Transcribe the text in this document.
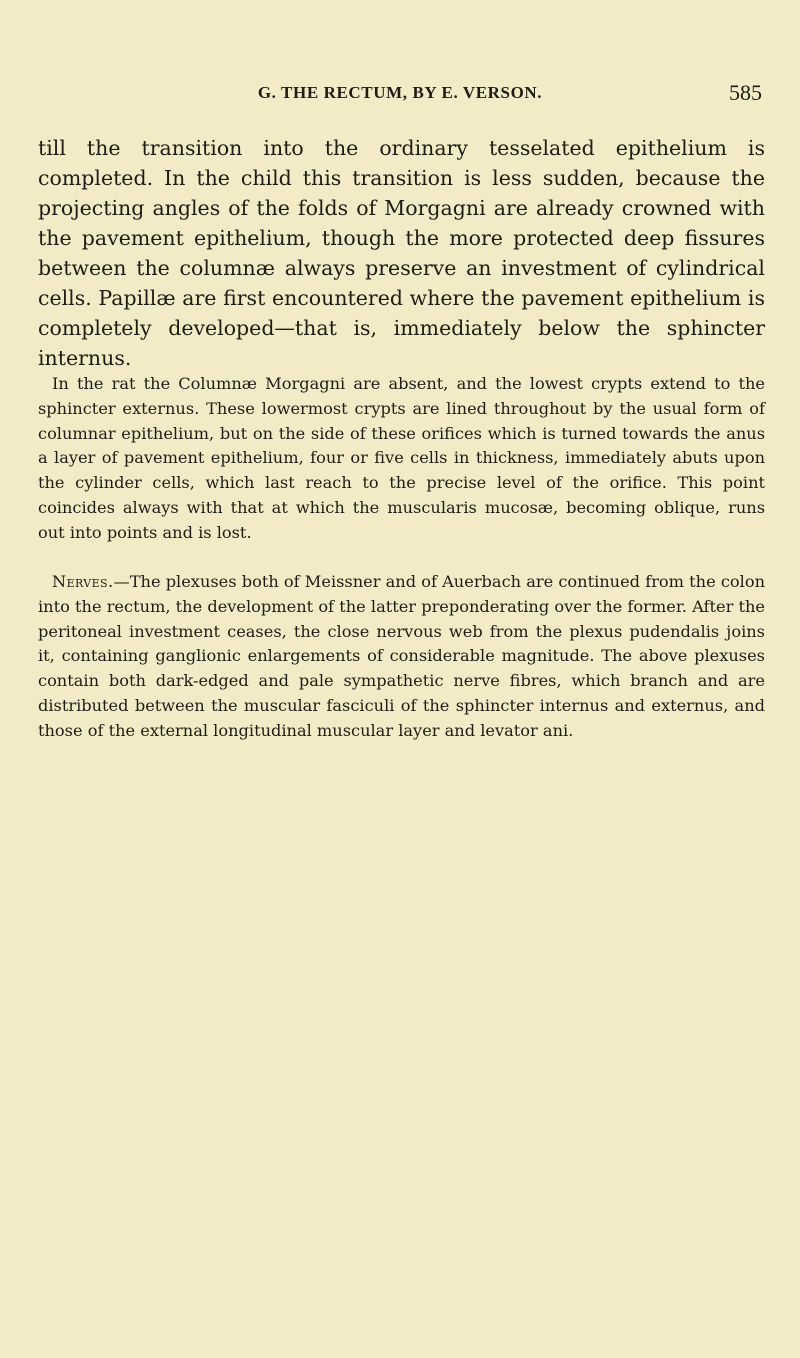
G. THE RECTUM, BY E. VERSON.	585

till the transition into the ordinary tesselated epithelium is completed. In the child this transition is less sudden, because the projecting angles of the folds of Morgagni are already crowned with the pavement epithelium, though the more protected deep fissures between the columnæ always preserve an investment of cylindrical cells. Papillæ are first encountered where the pavement epithelium is completely developed—that is, immediately below the sphincter internus.

In the rat the Columnæ Morgagni are absent, and the lowest crypts extend to the sphincter externus. These lowermost crypts are lined throughout by the usual form of columnar epithelium, but on the side of these orifices which is turned towards the anus a layer of pavement epithelium, four or five cells in thickness, immediately abuts upon the cylinder cells, which last reach to the precise level of the orifice. This point coincides always with that at which the muscularis mucosæ, becoming oblique, runs out into points and is lost.

Nerves.—The plexuses both of Meissner and of Auerbach are continued from the colon into the rectum, the development of the latter preponderating over the former. After the peritoneal investment ceases, the close nervous web from the plexus pudendalis joins it, containing ganglionic enlargements of considerable magnitude. The above plexuses contain both dark-edged and pale sympathetic nerve fibres, which branch and are distributed between the muscular fasciculi of the sphincter internus and externus, and those of the external longitudinal muscular layer and levator ani.
